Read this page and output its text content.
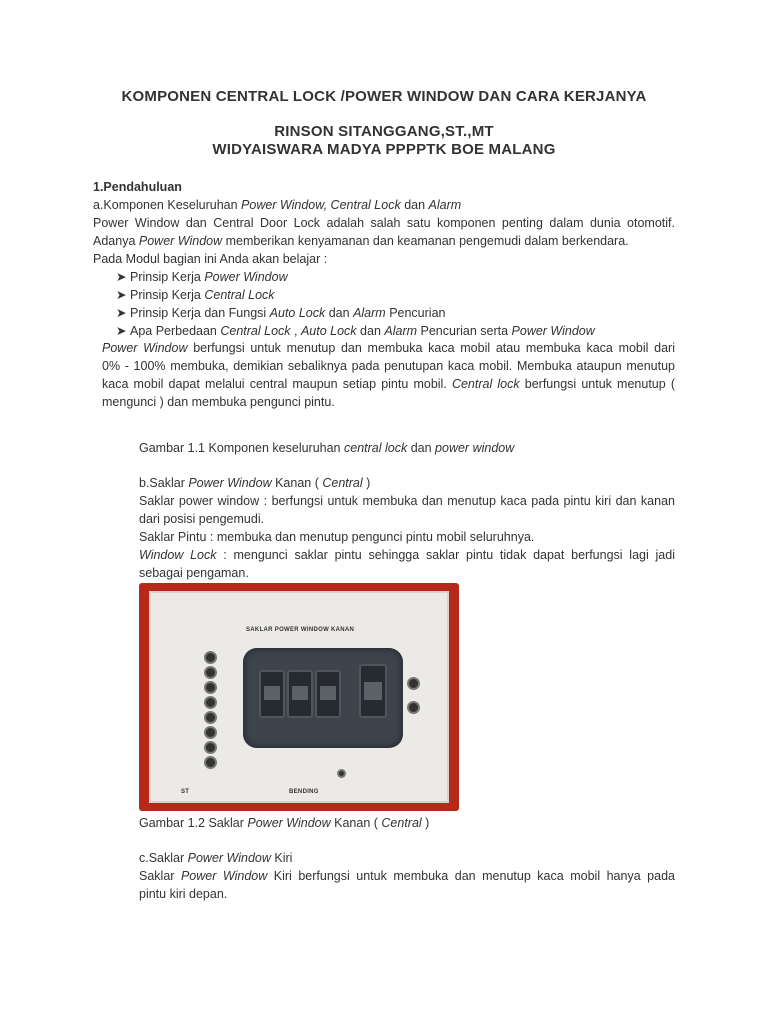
KOMPONEN CENTRAL LOCK /POWER WINDOW DAN CARA KERJANYA
RINSON SITANGGANG,ST.,MT
WIDYAISWARA MADYA PPPPTK BOE MALANG
1.Pendahuluan
a.Komponen Keseluruhan Power Window, Central Lock dan Alarm
Power Window dan Central Door Lock adalah salah satu komponen penting dalam dunia otomotif.
Adanya Power Window memberikan kenyamanan dan keamanan pengemudi dalam berkendara.
Pada Modul bagian ini Anda akan belajar :
➤ Prinsip Kerja Power Window
➤ Prinsip Kerja Central Lock
➤ Prinsip Kerja dan Fungsi Auto Lock dan Alarm Pencurian
➤ Apa Perbedaan Central Lock , Auto Lock dan Alarm Pencurian serta Power Window
Power Window berfungsi untuk menutup dan membuka kaca mobil atau membuka kaca mobil dari
0% - 100% membuka, demikian sebaliknya pada penutupan kaca mobil. Membuka ataupun menutup
kaca mobil dapat melalui central maupun setiap pintu mobil. Central lock berfungsi untuk menutup (
mengunci ) dan membuka pengunci pintu.
Gambar 1.1 Komponen keseluruhan central lock dan power window
b.Saklar Power Window Kanan ( Central )
Saklar power window : berfungsi untuk membuka dan menutup kaca pada pintu kiri dan kanan
dari posisi pengemudi.
Saklar Pintu : membuka dan menutup pengunci pintu mobil seluruhnya.
Window Lock : mengunci saklar pintu sehingga saklar pintu tidak dapat berfungsi lagi jadi
sebagai pengaman.
SAKLAR POWER WINDOW KANAN
ST	BENDING
Gambar 1.2 Saklar Power Window Kanan ( Central )
c.Saklar Power Window Kiri
Saklar Power Window Kiri berfungsi untuk membuka dan menutup kaca mobil hanya pada
pintu kiri depan.
